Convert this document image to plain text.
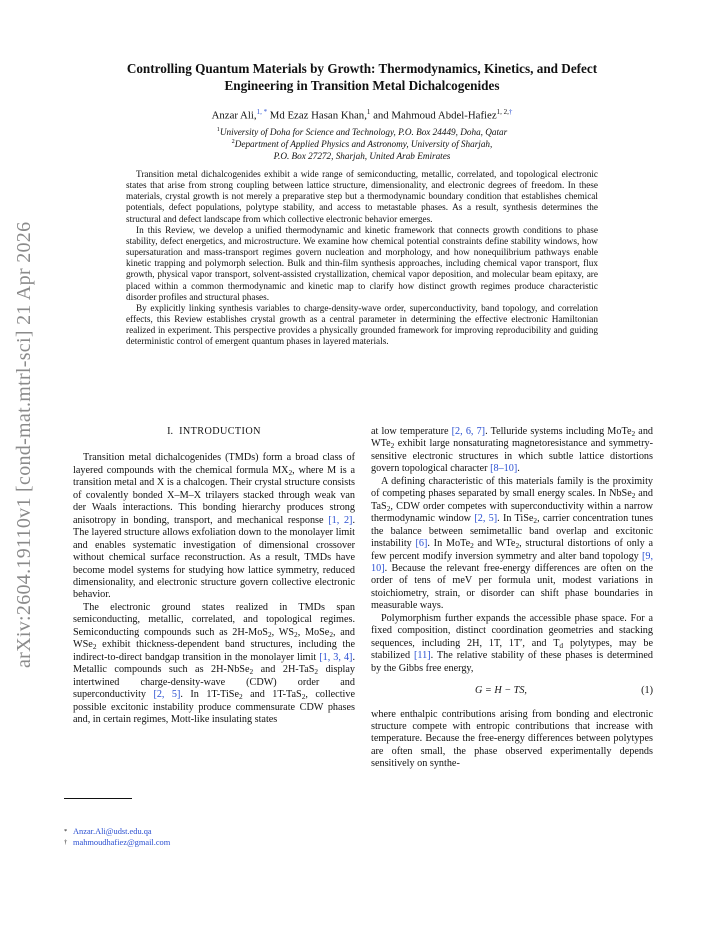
arXiv:2604.19110v1 [cond-mat.mtrl-sci] 21 Apr 2026
Controlling Quantum Materials by Growth: Thermodynamics, Kinetics, and Defect
Engineering in Transition Metal Dichalcogenides
Anzar Ali,$^{1, *}$ Md Ezaz Hasan Khan,$^1$ and Mahmoud Abdel-Hafiez$^{1, 2,\dagger}$
$^1$University of Doha for Science and Technology, P.O. Box 24449, Doha, Qatar
$^2$Department of Applied Physics and Astronomy, University of Sharjah,
P.O. Box 27272, Sharjah, United Arab Emirates

Transition metal dichalcogenides exhibit a wide range of semiconducting, metallic, correlated, and topological electronic states that arise from strong coupling between lattice structure, dimensionality, and electronic degrees of freedom. In these materials, crystal growth is not merely a preparative step but a thermodynamic boundary condition that establishes chemical potentials, defect populations, polytype stability, and access to metastable phases. As a result, synthesis determines the structural and defect landscape from which collective electronic behavior emerges.

In this Review, we develop a unified thermodynamic and kinetic framework that connects growth conditions to phase stability, defect energetics, and microstructure. We examine how chemical potential constraints define stability windows, how supersaturation and mass-transport regimes govern nucleation and morphology, and how nonequilibrium pathways enable kinetic trapping and polymorph selection. Bulk and thin-film synthesis approaches, including chemical vapor transport, flux growth, physical vapor transport, solvent-assisted crystallization, chemical vapor deposition, and molecular beam epitaxy, are placed within a common thermodynamic and kinetic map to clarify how distinct growth regimes produce characteristic disorder profiles and structural phases.

By explicitly linking synthesis variables to charge-density-wave order, superconductivity, band topology, and correlation effects, this Review establishes crystal growth as a central parameter in determining the effective electronic Hamiltonian realized in experiment. This perspective provides a physically grounded framework for improving reproducibility and guiding deterministic control of emergent quantum phases in layered materials.

I. INTRODUCTION

Transition metal dichalcogenides (TMDs) form a broad class of layered compounds with the chemical formula $MX_2$, where M is a transition metal and X is a chalcogen. Their crystal structure consists of covalently bonded X–M–X trilayers stacked through weak van der Waals interactions. This bonding hierarchy produces strong anisotropy in bonding, transport, and mechanical response [1, 2]. The layered structure allows exfoliation down to the monolayer limit and enables systematic investigation of dimensional crossover without chemical surface reconstruction. As a result, TMDs have become model systems for studying how lattice symmetry, reduced dimensionality, and electronic structure govern collective electronic behavior.

The electronic ground states realized in TMDs span semiconducting, metallic, correlated, and topological regimes. Semiconducting compounds such as 2H-MoS$_2$, $WS_2$, MoSe$_2$, and WSe$_2$ exhibit thickness-dependent band structures, including the indirect-to-direct bandgap transition in the monolayer limit [1, 3, 4]. Metallic compounds such as 2H-NbSe$_2$ and 2H-TaS$_2$ display intertwined charge-density-wave (CDW) order and superconductivity [2, 5]. In 1T-TiSe$_2$ and 1T-TaS$_2$, collective possible excitonic instability produce commensurate CDW phases and, in certain regimes, Mott-like insulating states

at low temperature [2, 6, 7]. Telluride systems including MoTe$_2$ and WTe$_2$ exhibit large nonsaturating magnetoresistance and symmetry-sensitive electronic structures in which subtle lattice distortions govern topological character [8–10].

A defining characteristic of this materials family is the proximity of competing phases separated by small energy scales. In NbSe$_2$ and TaS$_2$, CDW order competes with superconductivity within a narrow thermodynamic window [2, 5]. In TiSe$_2$, carrier concentration tunes the balance between semimetallic band overlap and excitonic instability [6]. In MoTe$_2$ and WTe$_2$, structural distortions of only a few percent modify inversion symmetry and alter band topology [9, 10]. Because the relevant free-energy differences are often on the order of tens of meV per formula unit, modest variations in stoichiometry, strain, or disorder can shift phase boundaries in measurable ways.

Polymorphism further expands the accessible phase space. For a fixed composition, distinct coordination geometries and stacking sequences, including 2H, 1T, 1T′, and $T_d$ polytypes, may be stabilized [11]. The relative stability of these phases is determined by the Gibbs free energy,

G = H − TS,	(1)

where enthalpic contributions arising from bonding and electronic structure compete with entropic contributions that increase with temperature. Because the free-energy differences between polytypes are often small, the phase observed experimentally depends sensitively on synthe-

* Anzar.Ali@udst.edu.qa
† mahmoudhafiez@gmail.com
